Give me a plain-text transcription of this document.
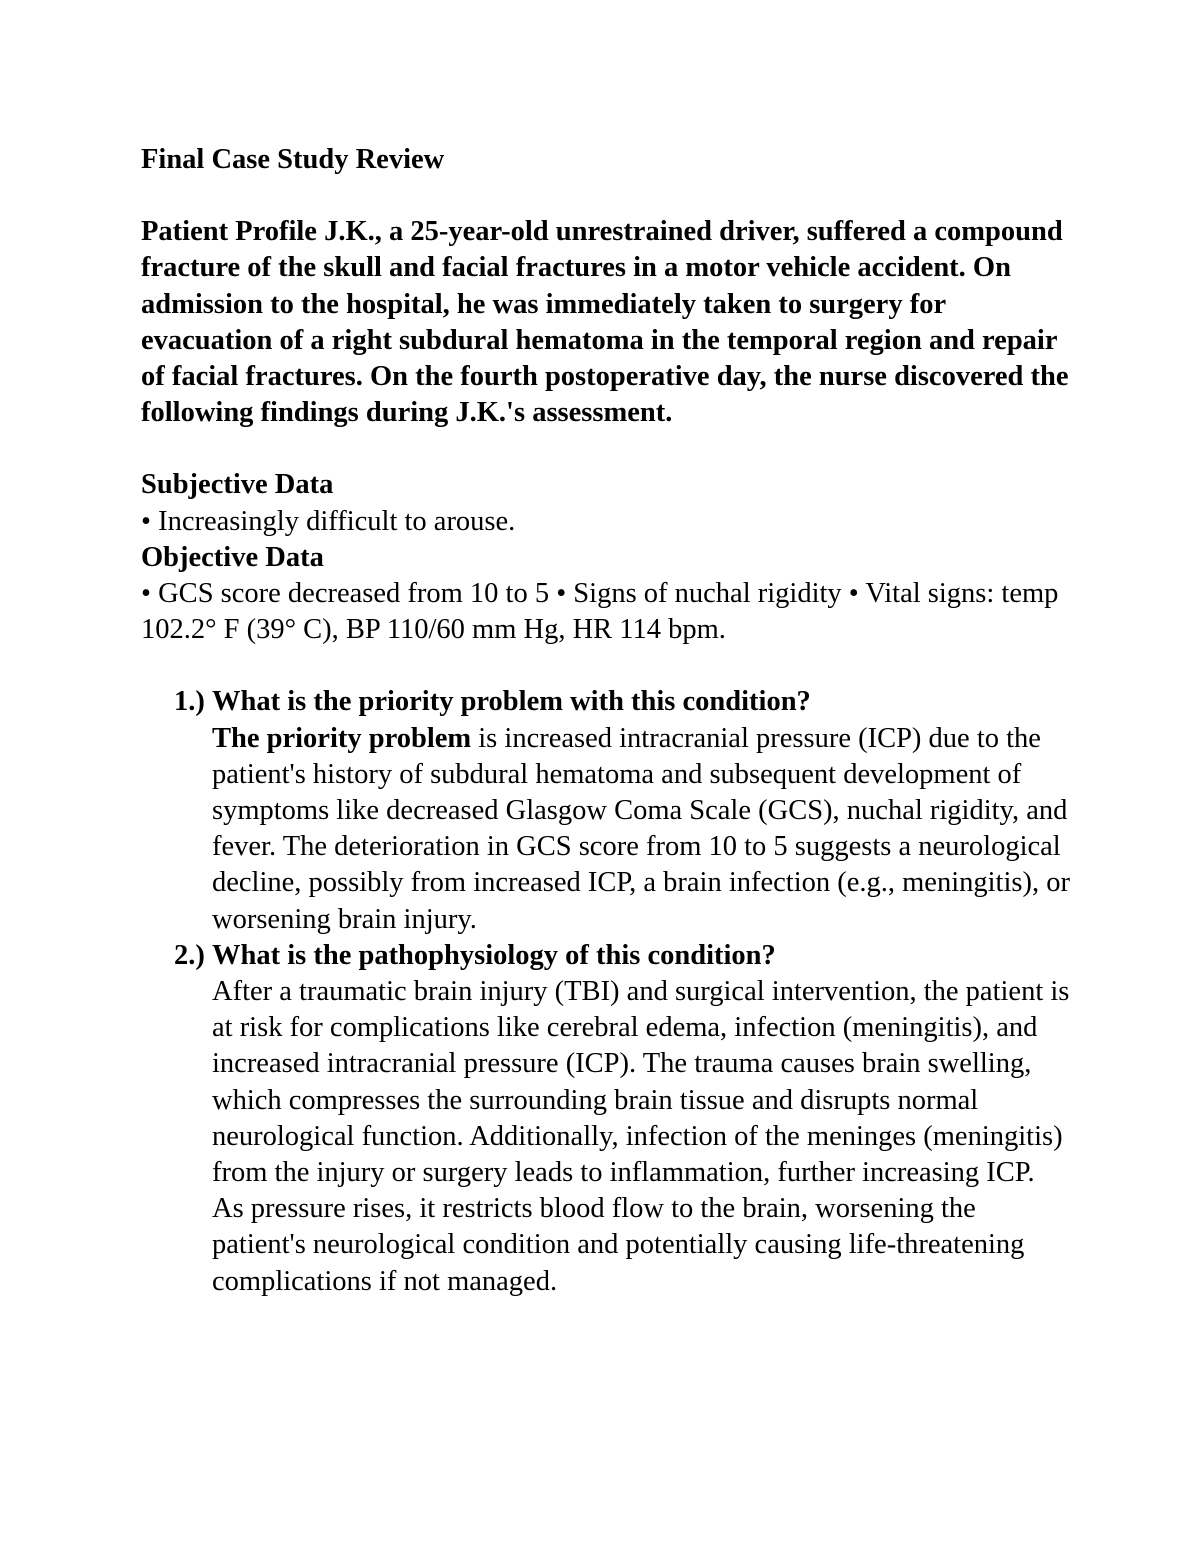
Final Case Study Review

Patient Profile J.K., a 25-year-old unrestrained driver, suffered a compound fracture of the skull and facial fractures in a motor vehicle accident. On admission to the hospital, he was immediately taken to surgery for evacuation of a right subdural hematoma in the temporal region and repair of facial fractures. On the fourth postoperative day, the nurse discovered the following findings during J.K.'s assessment.

Subjective Data

• Increasingly difficult to arouse.

Objective Data

• GCS score decreased from 10 to 5 • Signs of nuchal rigidity • Vital signs: temp 102.2° F (39° C), BP 110/60 mm Hg, HR 114 bpm.

1.) What is the priority problem with this condition?

The priority problem is increased intracranial pressure (ICP) due to the patient's history of subdural hematoma and subsequent development of symptoms like decreased Glasgow Coma Scale (GCS), nuchal rigidity, and fever. The deterioration in GCS score from 10 to 5 suggests a neurological decline, possibly from increased ICP, a brain infection (e.g., meningitis), or worsening brain injury.

2.) What is the pathophysiology of this condition?

After a traumatic brain injury (TBI) and surgical intervention, the patient is at risk for complications like cerebral edema, infection (meningitis), and increased intracranial pressure (ICP). The trauma causes brain swelling, which compresses the surrounding brain tissue and disrupts normal neurological function. Additionally, infection of the meninges (meningitis) from the injury or surgery leads to inflammation, further increasing ICP. As pressure rises, it restricts blood flow to the brain, worsening the patient's neurological condition and potentially causing life-threatening complications if not managed.
